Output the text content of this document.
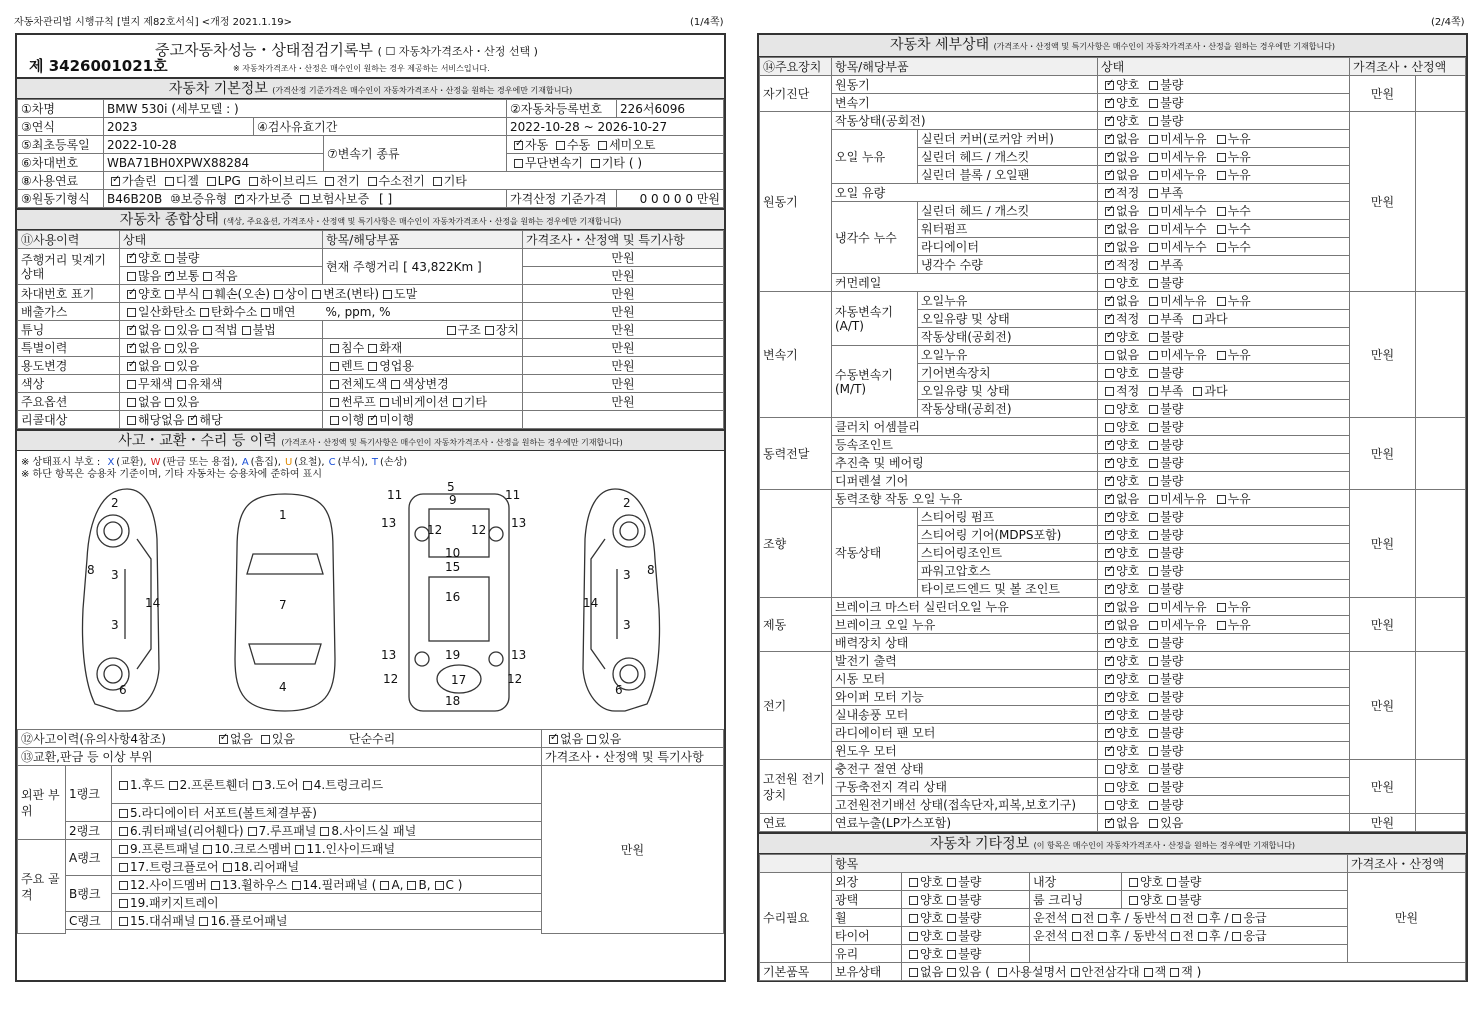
자동차관리법 시행규칙 [별지 제82호서식] <개정 2021.1.19>	(1/4쪽)
중고자동차성능・상태점검기록부 ( ☐ 자동차가격조사・산정 선택 )
제 3426001021호	※ 자동차가격조사・산정은 매수인이 원하는 경우 제공하는 서비스입니다.
자동차 기본정보 (가격산정 기준가격은 매수인이 자동차가격조사・산정을 원하는 경우에만 기재합니다)
①차명	BMW 530i (세부모델 : )			②자동차등록번호	226서6096
③연식	2023	④검사유효기간		2022-10-28 ~ 2026-10-27	
⑤최초등록일	2022-10-28		⑦변속기 종류	✓자동 수동 세미오토
⑥차대번호	WBA71BH0XPWX88284			무단변속기 기타 ( )	
⑧사용연료	✓가솔린 디젤 LPG 하이브리드 전기 수소전기 기타
⑨원동기형식	B46B20B ⑩보증유형 ✓ 자가보증 보험사보증 [ ]			가격산정 기준가격	0 0 0 0 0 만원
자동차 종합상태 (색상, 주요옵션, 가격조사・산정액 및 특기사항은 매수인이 자동차가격조사・산정을 원하는 경우에만 기재합니다)
⑪사용이력	상태	항목/해당부품	가격조사・산정액 및 특기사항
주행거리 및계기상태	✓양호 불량	현재 주행거리 [ 43,822Km ]	만원
	많음 ✓ 보통 적음		만원
차대번호 표기	✓양호 부식 훼손(오손) 상이 변조(변타) 도말		만원
배출가스	일산화탄소 탄화수소 매연 %, ppm, %		만원
튜닝	✓없음 있음 적법 불법	구조 장치	만원
특별이력	✓없음 있음	침수 화재	만원
용도변경	✓없음 있음	렌트 영업용	만원
색상	무채색 유채색	전체도색 색상변경	만원
주요옵션	없음 있음	썬루프 네비게이션 기타	만원
리콜대상	해당없음 ✓ 해당	이행 ✓ 미이행	
사고・교환・수리 등 이력 (가격조사・산정액 및 특기사항은 매수인이 자동차가격조사・산정을 원하는 경우에만 기재합니다)
※ 상태표시 부호 : X (교환), W (판금 또는 용접), A (흠집), U (요철), C (부식), T (손상)
※ 하단 항목은 승용차 기준이며, 기타 자동차는 승용차에 준하여 표시
2
8 3
14
3
6
1
7
4
11	11
5
9
13	13
12 12
10
15
16
13	13
19
12	12
17
18
2
8
3
14
3
6
⑫사고이력(유의사항4참조) ✓ 없음 있음 단순수리	✓없음 있음
⑬교환,판금 등 이상 부위			가격조사・산정액 및 특기사항
외판 부위	1랭크	1.후드 2.프론트휀더 3.도어 4.트렁크리드	만원
		5.라디에이터 서포트(볼트체결부품)	
	2랭크	6.쿼터패널(리어휀다) 7.루프패널 8.사이드실 패널	
주요 골격	A랭크	9.프론트패널 10.크로스멤버 11.인사이드패널	
		17.트렁크플로어 18.리어패널	
	B랭크	12.사이드멤버 13.휠하우스 14.필러패널 ( A, B, C )	
		19.패키지트레이	
	C랭크	15.대쉬패널 16.플로어패널	

(2/4쪽)
자동차 세부상태 (가격조사・산정액 및 특기사항은 매수인이 자동차가격조사・산정을 원하는 경우에만 기재합니다)
⑭주요장치	항목/해당부품		상태	가격조사・산정액	
자기진단	원동기	✓양호 불량	만원	
	변속기	✓양호 불량
원동기	작동상태(공회전)	✓양호 불량	만원	
	오일 누유	실린더 커버(로커암 커버)	✓없음 미세누유 누유
		실린더 헤드 / 개스킷	✓없음 미세누유 누유
		실린더 블록 / 오일팬	✓없음 미세누유 누유
	오일 유량	✓적정 부족
	냉각수 누수	실린더 헤드 / 개스킷	✓없음 미세누수 누수
		워터펌프	✓없음 미세누수 누수
		라디에이터	✓없음 미세누수 누수
		냉각수 수량	✓적정 부족
	커먼레일		양호 불량		
변속기	자동변속기 (A/T)	오일누유	✓없음 미세누유 누유	만원	
		오일유량 및 상태	✓적정 부족 과다
		작동상태(공회전)	✓양호 불량
	수동변속기 (M/T)	오일누유	없음 미세누유 누유		
		기어변속장치	양호 불량		
		오일유량 및 상태	적정 부족 과다		
		작동상태(공회전)	양호 불량		
동력전달	클러치 어셈블리		양호 불량	만원	
	등속조인트	✓양호 불량
	추진축 및 베어링	✓양호 불량
	디퍼렌셜 기어	✓양호 불량
조향	동력조향 작동 오일 누유	✓없음 미세누유 누유	만원	
	작동상태	스티어링 펌프	✓양호 불량
		스티어링 기어(MDPS포함)	✓양호 불량
		스티어링조인트	✓양호 불량
		파워고압호스	✓양호 불량
		타이로드엔드 및 볼 조인트	✓양호 불량
제동	브레이크 마스터 실린더오일 누유	✓없음 미세누유 누유	만원	
	브레이크 오일 누유	✓없음 미세누유 누유
	배력장치 상태	✓양호 불량
전기	발전기 출력	✓양호 불량	만원	
	시동 모터	✓양호 불량
	와이퍼 모터 기능	✓양호 불량
	실내송풍 모터	✓양호 불량
	라디에이터 팬 모터	✓양호 불량
	윈도우 모터	✓양호 불량
고전원 전기장치	충전구 절연 상태		양호 불량	만원	
	구동축전지 격리 상태		양호 불량		
	고전원전기배선 상태(접속단자,피복,보호기구)		양호 불량		
연료	연료누출(LP가스포함)	✓없음 있음	만원	
자동차 기타정보 (이 항목은 매수인이 자동차가격조사・산정을 원하는 경우에만 기재합니다)
	항목				가격조사・산정액
수리필요	외장	양호 불량	내장	양호 불량	만원
	광택	양호 불량	룸 크리닝	양호 불량	
	휠	양호 불량	운전석 전 후 / 동반석 전 후 / 응급		
	타이어	양호 불량	운전석 전 후 / 동반석 전 후 / 응급		
	유리	양호 불량			
기본품목	보유상태	없음 있음 ( 사용설명서 안전삼각대 잭 잭 )			
